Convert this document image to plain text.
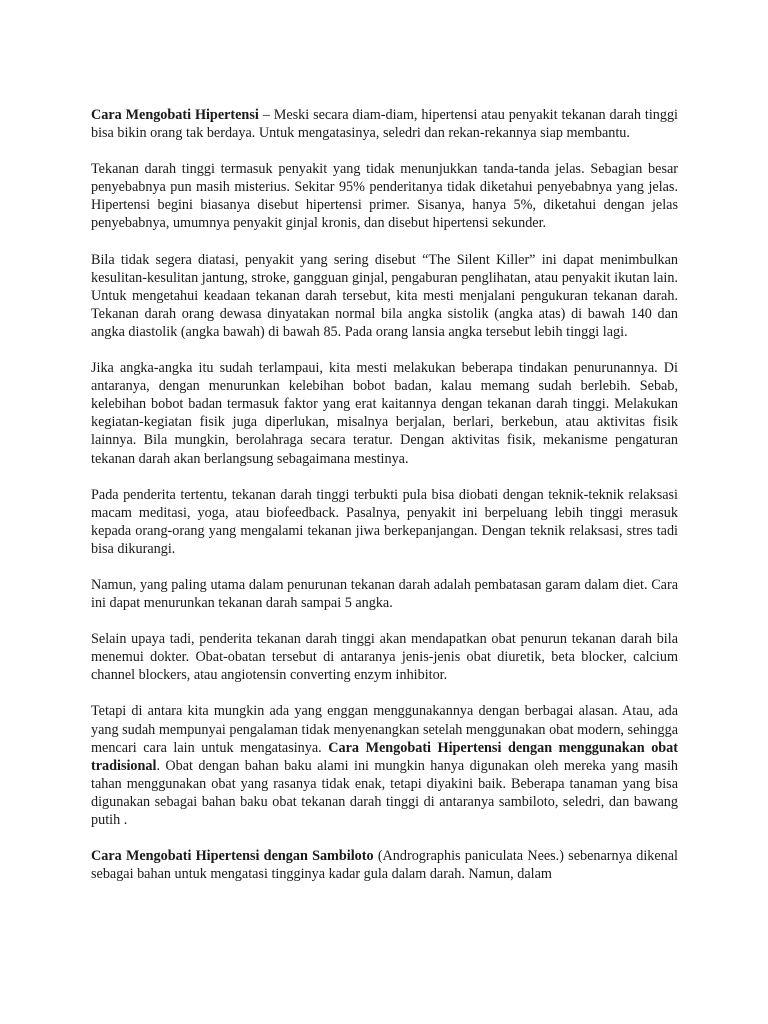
Cara Mengobati Hipertensi – Meski secara diam-diam, hipertensi atau penyakit tekanan darah tinggi bisa bikin orang tak berdaya. Untuk mengatasinya, seledri dan rekan-rekannya siap membantu.

Tekanan darah tinggi termasuk penyakit yang tidak menunjukkan tanda-tanda jelas. Sebagian besar penyebabnya pun masih misterius. Sekitar 95% penderitanya tidak diketahui penyebabnya yang jelas. Hipertensi begini biasanya disebut hipertensi primer. Sisanya, hanya 5%, diketahui dengan jelas penyebabnya, umumnya penyakit ginjal kronis, dan disebut hipertensi sekunder.

Bila tidak segera diatasi, penyakit yang sering disebut “The Silent Killer” ini dapat menimbulkan kesulitan-kesulitan jantung, stroke, gangguan ginjal, pengaburan penglihatan, atau penyakit ikutan lain. Untuk mengetahui keadaan tekanan darah tersebut, kita mesti menjalani pengukuran tekanan darah. Tekanan darah orang dewasa dinyatakan normal bila angka sistolik (angka atas) di bawah 140 dan angka diastolik (angka bawah) di bawah 85. Pada orang lansia angka tersebut lebih tinggi lagi.

Jika angka-angka itu sudah terlampaui, kita mesti melakukan beberapa tindakan penurunannya. Di antaranya, dengan menurunkan kelebihan bobot badan, kalau memang sudah berlebih. Sebab, kelebihan bobot badan termasuk faktor yang erat kaitannya dengan tekanan darah tinggi. Melakukan kegiatan-kegiatan fisik juga diperlukan, misalnya berjalan, berlari, berkebun, atau aktivitas fisik lainnya. Bila mungkin, berolahraga secara teratur. Dengan aktivitas fisik, mekanisme pengaturan tekanan darah akan berlangsung sebagaimana mestinya.

Pada penderita tertentu, tekanan darah tinggi terbukti pula bisa diobati dengan teknik-teknik relaksasi macam meditasi, yoga, atau biofeedback. Pasalnya, penyakit ini berpeluang lebih tinggi merasuk kepada orang-orang yang mengalami tekanan jiwa berkepanjangan. Dengan teknik relaksasi, stres tadi bisa dikurangi.

Namun, yang paling utama dalam penurunan tekanan darah adalah pembatasan garam dalam diet. Cara ini dapat menurunkan tekanan darah sampai 5 angka.

Selain upaya tadi, penderita tekanan darah tinggi akan mendapatkan obat penurun tekanan darah bila menemui dokter. Obat-obatan tersebut di antaranya jenis-jenis obat diuretik, beta blocker, calcium channel blockers, atau angiotensin converting enzym inhibitor.

Tetapi di antara kita mungkin ada yang enggan menggunakannya dengan berbagai alasan. Atau, ada yang sudah mempunyai pengalaman tidak menyenangkan setelah menggunakan obat modern, sehingga mencari cara lain untuk mengatasinya. Cara Mengobati Hipertensi dengan menggunakan obat tradisional. Obat dengan bahan baku alami ini mungkin hanya digunakan oleh mereka yang masih tahan menggunakan obat yang rasanya tidak enak, tetapi diyakini baik. Beberapa tanaman yang bisa digunakan sebagai bahan baku obat tekanan darah tinggi di antaranya sambiloto, seledri, dan bawang putih .

Cara Mengobati Hipertensi dengan Sambiloto (Andrographis paniculata Nees.) sebenarnya dikenal sebagai bahan untuk mengatasi tingginya kadar gula dalam darah. Namun, dalam
